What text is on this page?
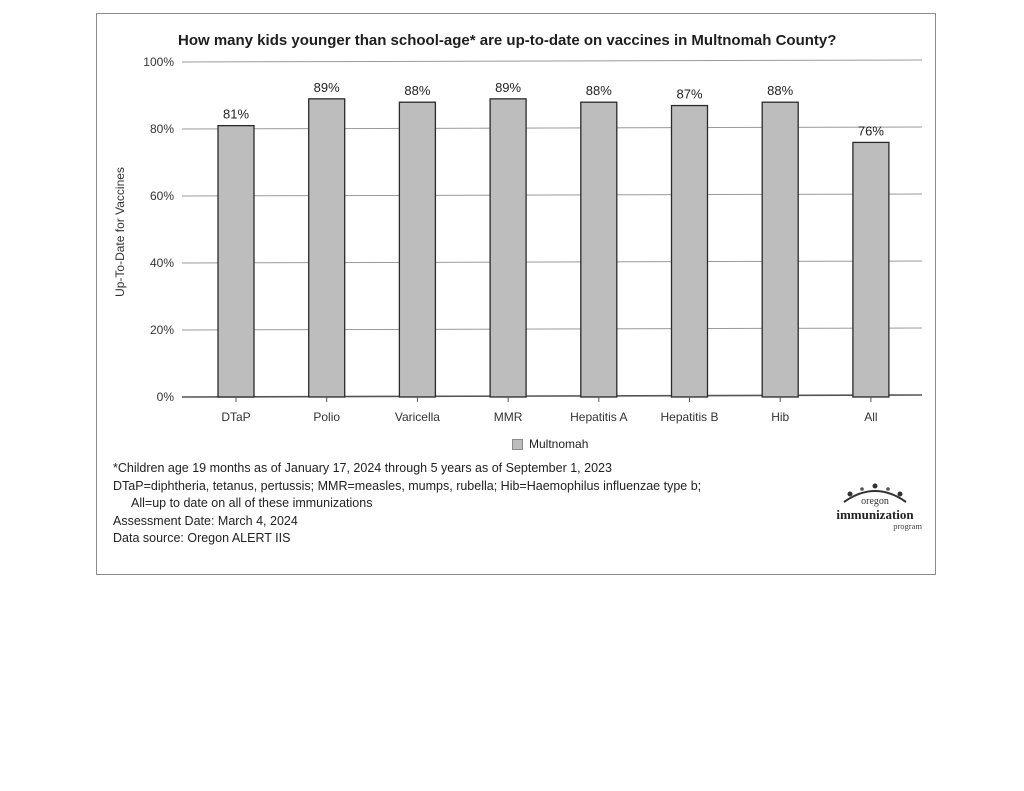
How many kids younger than school-age* are up-to-date on vaccines in Multnomah County?
0%
20%
40%
60%
80%
100%
81%
89%	88%	89%	88%	87%	88%
76%
DTaP	Polio	Varicella	MMR	Hepatitis A	Hepatitis B	Hib	All
Up-To-Date for Vaccines
Multnomah
*Children age 19 months as of January 17, 2024 through 5 years as of September 1, 2023
DTaP=diphtheria, tetanus, pertussis; MMR=measles, mumps, rubella; Hib=Haemophilus influenzae type b;
All=up to date on all of these immunizations
Assessment Date: March 4, 2024
Data source: Oregon ALERT IIS
oregon
immunization
program
